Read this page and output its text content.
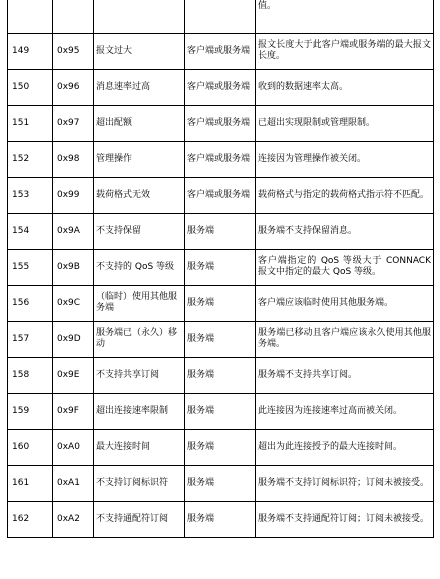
				值。
149	0x95	报文过大	客户端或服务端	报文长度大于此客户端或服务端的最大报文长度。
150	0x96	消息速率过高	客户端或服务端	收到的数据速率太高。
151	0x97	超出配额	客户端或服务端	已超出实现限制或管理限制。
152	0x98	管理操作	客户端或服务端	连接因为管理操作被关闭。
153	0x99	载荷格式无效	客户端或服务端	载荷格式与指定的载荷格式指示符不匹配。
154	0x9A	不支持保留	服务端	服务端不支持保留消息。
155	0x9B	不支持的 QoS 等级	服务端	客户端指定的 QoS 等级大于 CONNACK 报文中指定的最大 QoS 等级。
156	0x9C	（临时）使用其他服务端	服务端	客户端应该临时使用其他服务端。
157	0x9D	服务端已（永久）移动	服务端	服务端已移动且客户端应该永久使用其他服务端。
158	0x9E	不支持共享订阅	服务端	服务端不支持共享订阅。
159	0x9F	超出连接速率限制	服务端	此连接因为连接速率过高而被关闭。
160	0xA0	最大连接时间	服务端	超出为此连接授予的最大连接时间。
161	0xA1	不支持订阅标识符	服务端	服务端不支持订阅标识符；订阅未被接受。
162	0xA2	不支持通配符订阅	服务端	服务端不支持通配符订阅；订阅未被接受。
